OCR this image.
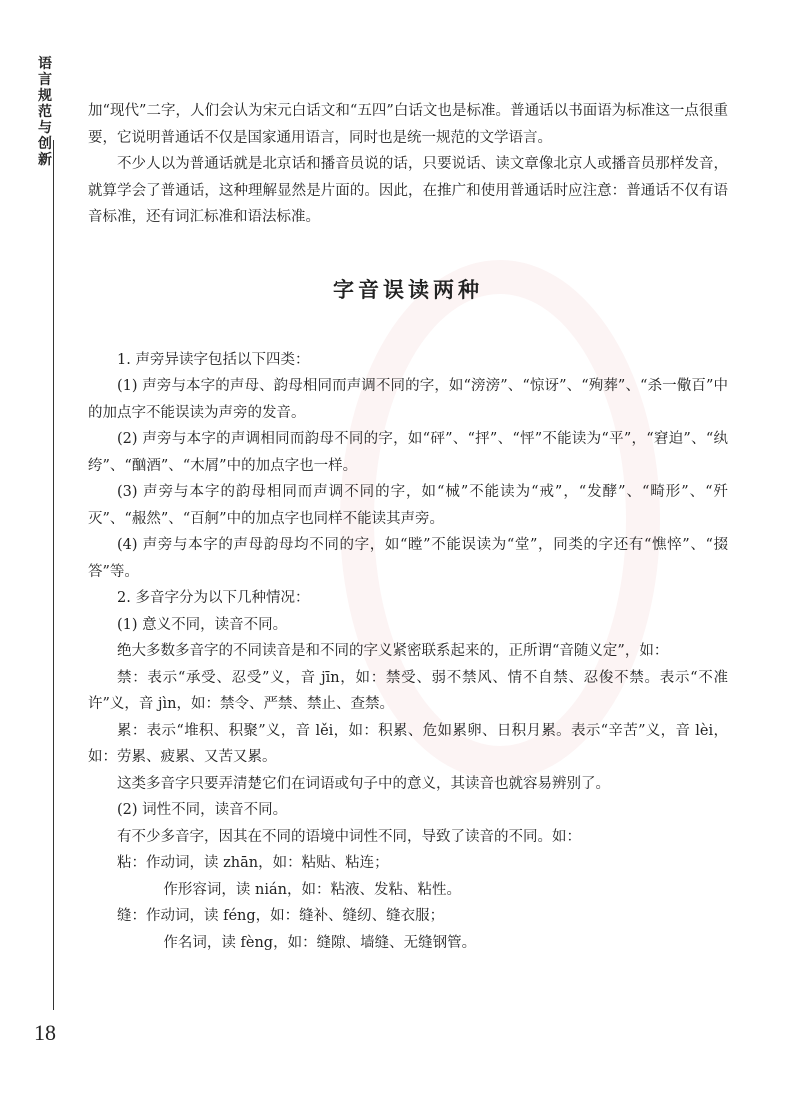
语言规范与创新
18

加“现代”二字，人们会认为宋元白话文和“五四”白话文也是标准。普通话以书面语为标准这一点很重要，它说明普通话不仅是国家通用语言，同时也是统一规范的文学语言。

不少人以为普通话就是北京话和播音员说的话，只要说话、读文章像北京人或播音员那样发音，就算学会了普通话，这种理解显然是片面的。因此，在推广和使用普通话时应注意：普通话不仅有语音标准，还有词汇标准和语法标准。

字音误读两种

1. 声旁异读字包括以下四类：

(1) 声旁与本字的声母、韵母相同而声调不同的字，如“滂滂”、“惊讶”、“殉葬”、“杀一儆百”中的加点字不能误读为声旁的发音。

(2) 声旁与本字的声调相同而韵母不同的字，如“砰”、“抨”、“怦”不能读为“平”，“窘迫”、“纨绔”、“酗酒”、“木屑”中的加点字也一样。

(3) 声旁与本字的韵母相同而声调不同的字，如“械”不能读为“戒”，“发酵”、“畸形”、“歼灭”、“赧然”、“百舸”中的加点字也同样不能读其声旁。

(4) 声旁与本字的声母韵母均不同的字，如“瞠”不能误读为“堂”，同类的字还有“憔悴”、“掇答”等。

2. 多音字分为以下几种情况：

(1) 意义不同，读音不同。

绝大多数多音字的不同读音是和不同的字义紧密联系起来的，正所谓“音随义定”，如：

禁：表示“承受、忍受”义，音 jīn，如：禁受、弱不禁风、情不自禁、忍俊不禁。表示“不准许”义，音 jìn，如：禁令、严禁、禁止、查禁。

累：表示“堆积、积聚”义，音 lěi，如：积累、危如累卵、日积月累。表示“辛苦”义，音 lèi，如：劳累、疲累、又苦又累。

这类多音字只要弄清楚它们在词语或句子中的意义，其读音也就容易辨别了。

(2) 词性不同，读音不同。

有不少多音字，因其在不同的语境中词性不同，导致了读音的不同。如：

粘：作动词，读 zhān，如：粘贴、粘连；

作形容词，读 nián，如：粘液、发粘、粘性。

缝：作动词，读 féng，如：缝补、缝纫、缝衣服；

作名词，读 fèng，如：缝隙、墙缝、无缝钢管。
